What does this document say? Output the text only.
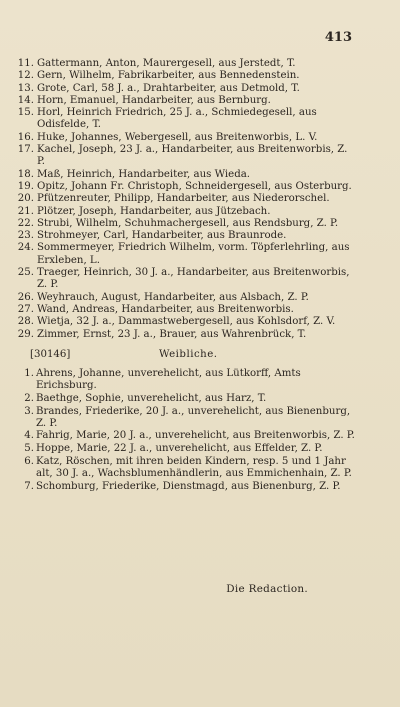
413
11. Gattermann, Anton, Maurergesell, aus Jerstedt, T.
12. Gern, Wilhelm, Fabrikarbeiter, aus Bennedenstein.
13. Grote, Carl, 58 J. a., Drahtarbeiter, aus Detmold, T.
14. Horn, Emanuel, Handarbeiter, aus Bernburg.
15. Horl, Heinrich Friedrich, 25 J. a., Schmiedegesell, aus Odisfelde, T.
16. Huke, Johannes, Webergesell, aus Breitenworbis, L. V.
17. Kachel, Joseph, 23 J. a., Handarbeiter, aus Breitenworbis, Z. P.
18. Maß, Heinrich, Handarbeiter, aus Wieda.
19. Opitz, Johann Fr. Christoph, Schneidergesell, aus Osterburg.
20. Pfützenreuter, Philipp, Handarbeiter, aus Niederorschel.
21. Plötzer, Joseph, Handarbeiter, aus Jützebach.
22. Strubi, Wilhelm, Schuhmachergesell, aus Rendsburg, Z. P.
23. Strohmeyer, Carl, Handarbeiter, aus Braunrode.
24. Sommermeyer, Friedrich Wilhelm, vorm. Töpferlehrling, aus Erxleben, L.
25. Traeger, Heinrich, 30 J. a., Handarbeiter, aus Breitenworbis, Z. P.
26. Weyhrauch, August, Handarbeiter, aus Alsbach, Z. P.
27. Wand, Andreas, Handarbeiter, aus Breitenworbis.
28. Wietja, 32 J. a., Dammastwebergesell, aus Kohlsdorf, Z. V.
29. Zimmer, Ernst, 23 J. a., Brauer, aus Wahrenbrück, T.
[30146]	Weibliche.
1. Ahrens, Johanne, unverehelicht, aus Lütkorff, Amts Erichsburg.
2. Baethge, Sophie, unverehelicht, aus Harz, T.
3. Brandes, Friederike, 20 J. a., unverehelicht, aus Bienenburg, Z. P.
4. Fahrig, Marie, 20 J. a., unverehelicht, aus Breitenworbis, Z. P.
5. Hoppe, Marie, 22 J. a., unverehelicht, aus Effelder, Z. P.
6. Katz, Röschen, mit ihren beiden Kindern, resp. 5 und 1 Jahr alt, 30 J. a., Wachsblumenhändlerin, aus Emmichenhain, Z. P.
7. Schomburg, Friederike, Dienstmagd, aus Bienenburg, Z. P.
Die Redaction.
